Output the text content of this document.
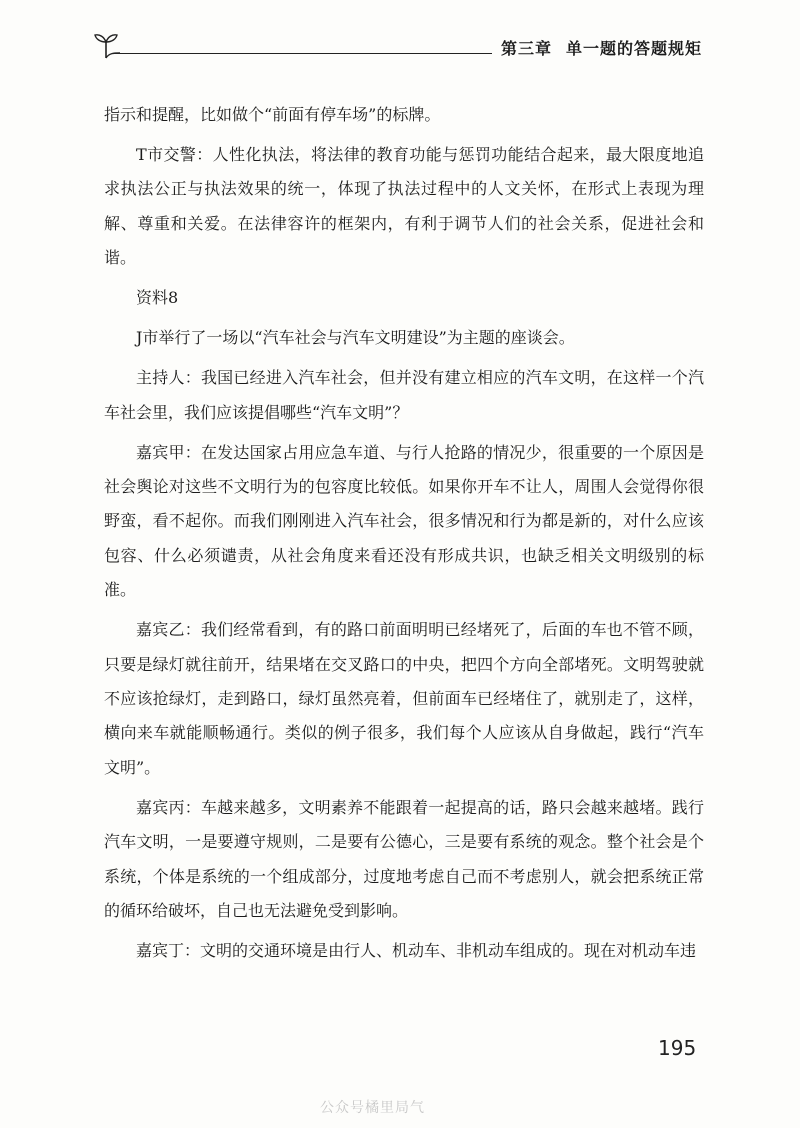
第三章 单一题的答题规矩

指示和提醒，比如做个“前面有停车场”的标牌。

T市交警：人性化执法，将法律的教育功能与惩罚功能结合起来，最大限度地追求执法公正与执法效果的统一，体现了执法过程中的人文关怀，在形式上表现为理解、尊重和关爱。在法律容许的框架内，有利于调节人们的社会关系，促进社会和谐。

资料8

J市举行了一场以“汽车社会与汽车文明建设”为主题的座谈会。

主持人：我国已经进入汽车社会，但并没有建立相应的汽车文明，在这样一个汽车社会里，我们应该提倡哪些“汽车文明”？

嘉宾甲：在发达国家占用应急车道、与行人抢路的情况少，很重要的一个原因是社会舆论对这些不文明行为的包容度比较低。如果你开车不让人，周围人会觉得你很野蛮，看不起你。而我们刚刚进入汽车社会，很多情况和行为都是新的，对什么应该包容、什么必须谴责，从社会角度来看还没有形成共识，也缺乏相关文明级别的标准。

嘉宾乙：我们经常看到，有的路口前面明明已经堵死了，后面的车也不管不顾，只要是绿灯就往前开，结果堵在交叉路口的中央，把四个方向全部堵死。文明驾驶就不应该抢绿灯，走到路口，绿灯虽然亮着，但前面车已经堵住了，就别走了，这样，横向来车就能顺畅通行。类似的例子很多，我们每个人应该从自身做起，践行“汽车文明”。

嘉宾丙：车越来越多，文明素养不能跟着一起提高的话，路只会越来越堵。践行汽车文明，一是要遵守规则，二是要有公德心，三是要有系统的观念。整个社会是个系统，个体是系统的一个组成部分，过度地考虑自己而不考虑别人，就会把系统正常的循环给破坏，自己也无法避免受到影响。

嘉宾丁：文明的交通环境是由行人、机动车、非机动车组成的。现在对机动车违

195
公众号橘里局气
